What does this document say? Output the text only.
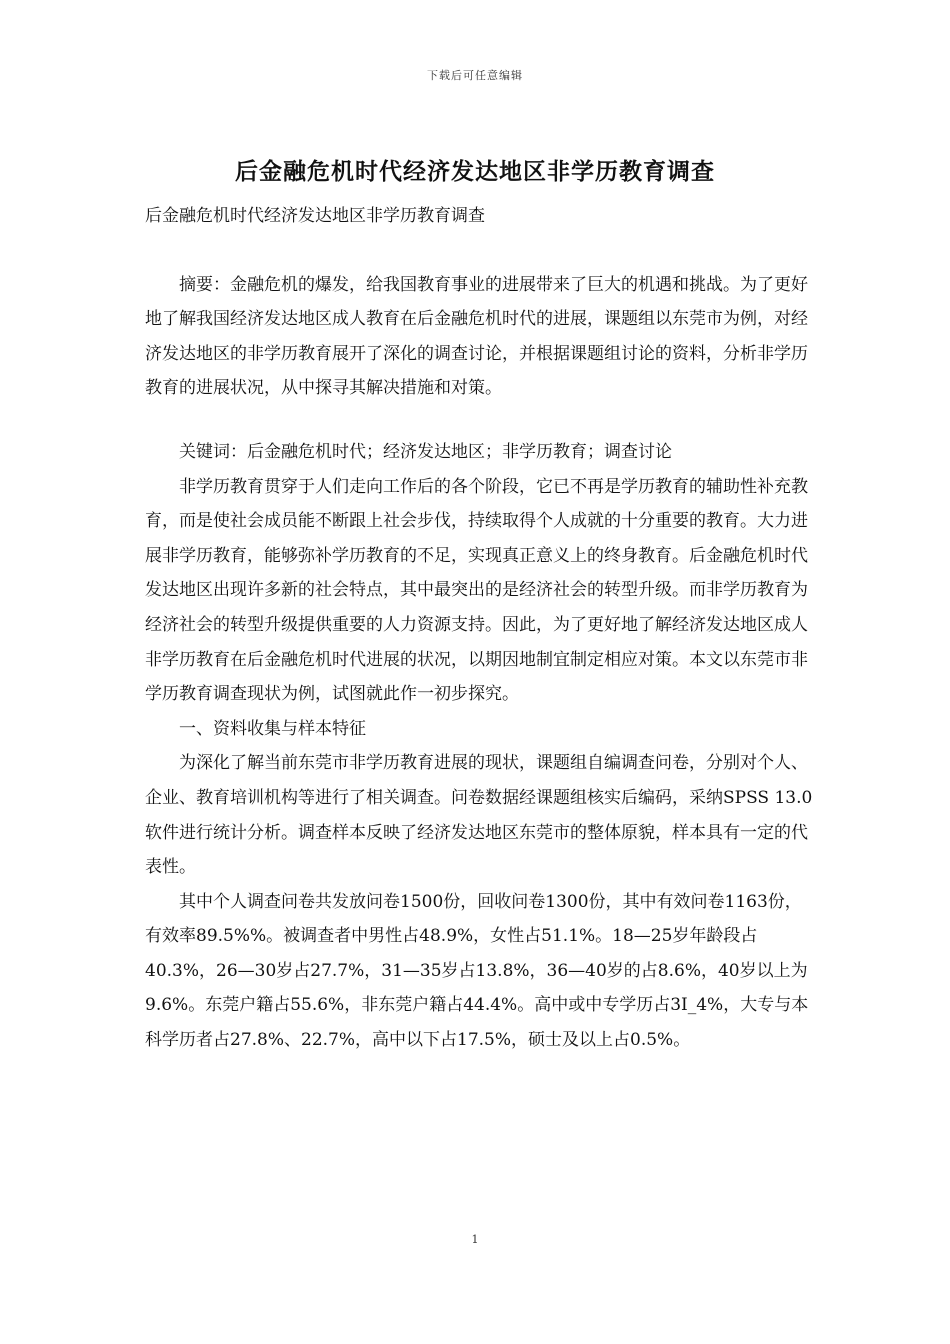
下载后可任意编辑
后金融危机时代经济发达地区非学历教育调查

后金融危机时代经济发达地区非学历教育调查

摘要：金融危机的爆发，给我国教育事业的进展带来了巨大的机遇和挑战。为了更好地了解我国经济发达地区成人教育在后金融危机时代的进展，课题组以东莞市为例，对经济发达地区的非学历教育展开了深化的调查讨论，并根据课题组讨论的资料，分析非学历教育的进展状况，从中探寻其解决措施和对策。

关键词：后金融危机时代；经济发达地区；非学历教育；调查讨论

非学历教育贯穿于人们走向工作后的各个阶段，它已不再是学历教育的辅助性补充教育，而是使社会成员能不断跟上社会步伐，持续取得个人成就的十分重要的教育。大力进展非学历教育，能够弥补学历教育的不足，实现真正意义上的终身教育。后金融危机时代发达地区出现许多新的社会特点，其中最突出的是经济社会的转型升级。而非学历教育为经济社会的转型升级提供重要的人力资源支持。因此，为了更好地了解经济发达地区成人非学历教育在后金融危机时代进展的状况，以期因地制宜制定相应对策。本文以东莞市非学历教育调查现状为例，试图就此作一初步探究。

一、资料收集与样本特征

为深化了解当前东莞市非学历教育进展的现状，课题组自编调查问卷，分别对个人、企业、教育培训机构等进行了相关调查。问卷数据经课题组核实后编码，采纳SPSS 13.0软件进行统计分析。调查样本反映了经济发达地区东莞市的整体原貌，样本具有一定的代表性。

其中个人调查问卷共发放问卷1500份，回收问卷1300份，其中有效问卷1163份，有效率89.5%%。被调查者中男性占48.9%，女性占51.1%。18—25岁年龄段占40.3%，26—30岁占27.7%，31—35岁占13.8%，36—40岁的占8.6%，40岁以上为9.6%。东莞户籍占55.6%，非东莞户籍占44.4%。高中或中专学历占3I_4%，大专与本科学历者占27.8%、22.7%，高中以下占17.5%，硕士及以上占0.5%。

1
